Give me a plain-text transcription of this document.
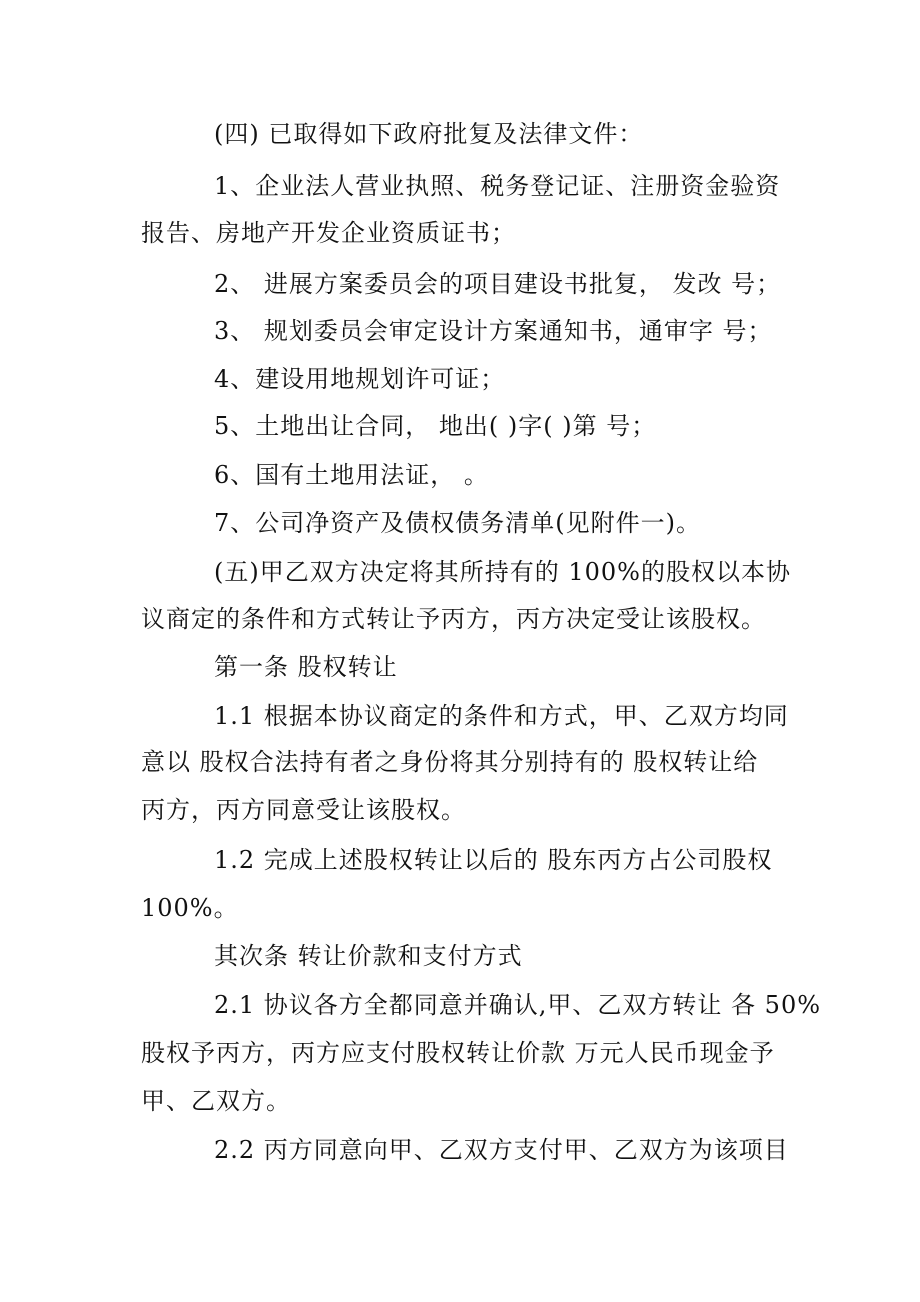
(四) 已取得如下政府批复及法律文件：
1、企业法人营业执照、税务登记证、注册资金验资
报告、房地产开发企业资质证书；
2、 进展方案委员会的项目建设书批复， 发改 号；
3、 规划委员会审定设计方案通知书，通审字 号；
4、建设用地规划许可证；
5、土地出让合同， 地出( )字( )第 号；
6、国有土地用法证， 。
7、公司净资产及债权债务清单(见附件一)。
(五)甲乙双方决定将其所持有的 100%的股权以本协
议商定的条件和方式转让予丙方，丙方决定受让该股权。
第一条 股权转让
1.1 根据本协议商定的条件和方式，甲、乙双方均同
意以 股权合法持有者之身份将其分别持有的 股权转让给
丙方，丙方同意受让该股权。
1.2 完成上述股权转让以后的 股东丙方占公司股权
100%。
其次条 转让价款和支付方式
2.1 协议各方全都同意并确认,甲、乙双方转让 各 50%
股权予丙方，丙方应支付股权转让价款 万元人民币现金予
甲、乙双方。
2.2 丙方同意向甲、乙双方支付甲、乙双方为该项目
